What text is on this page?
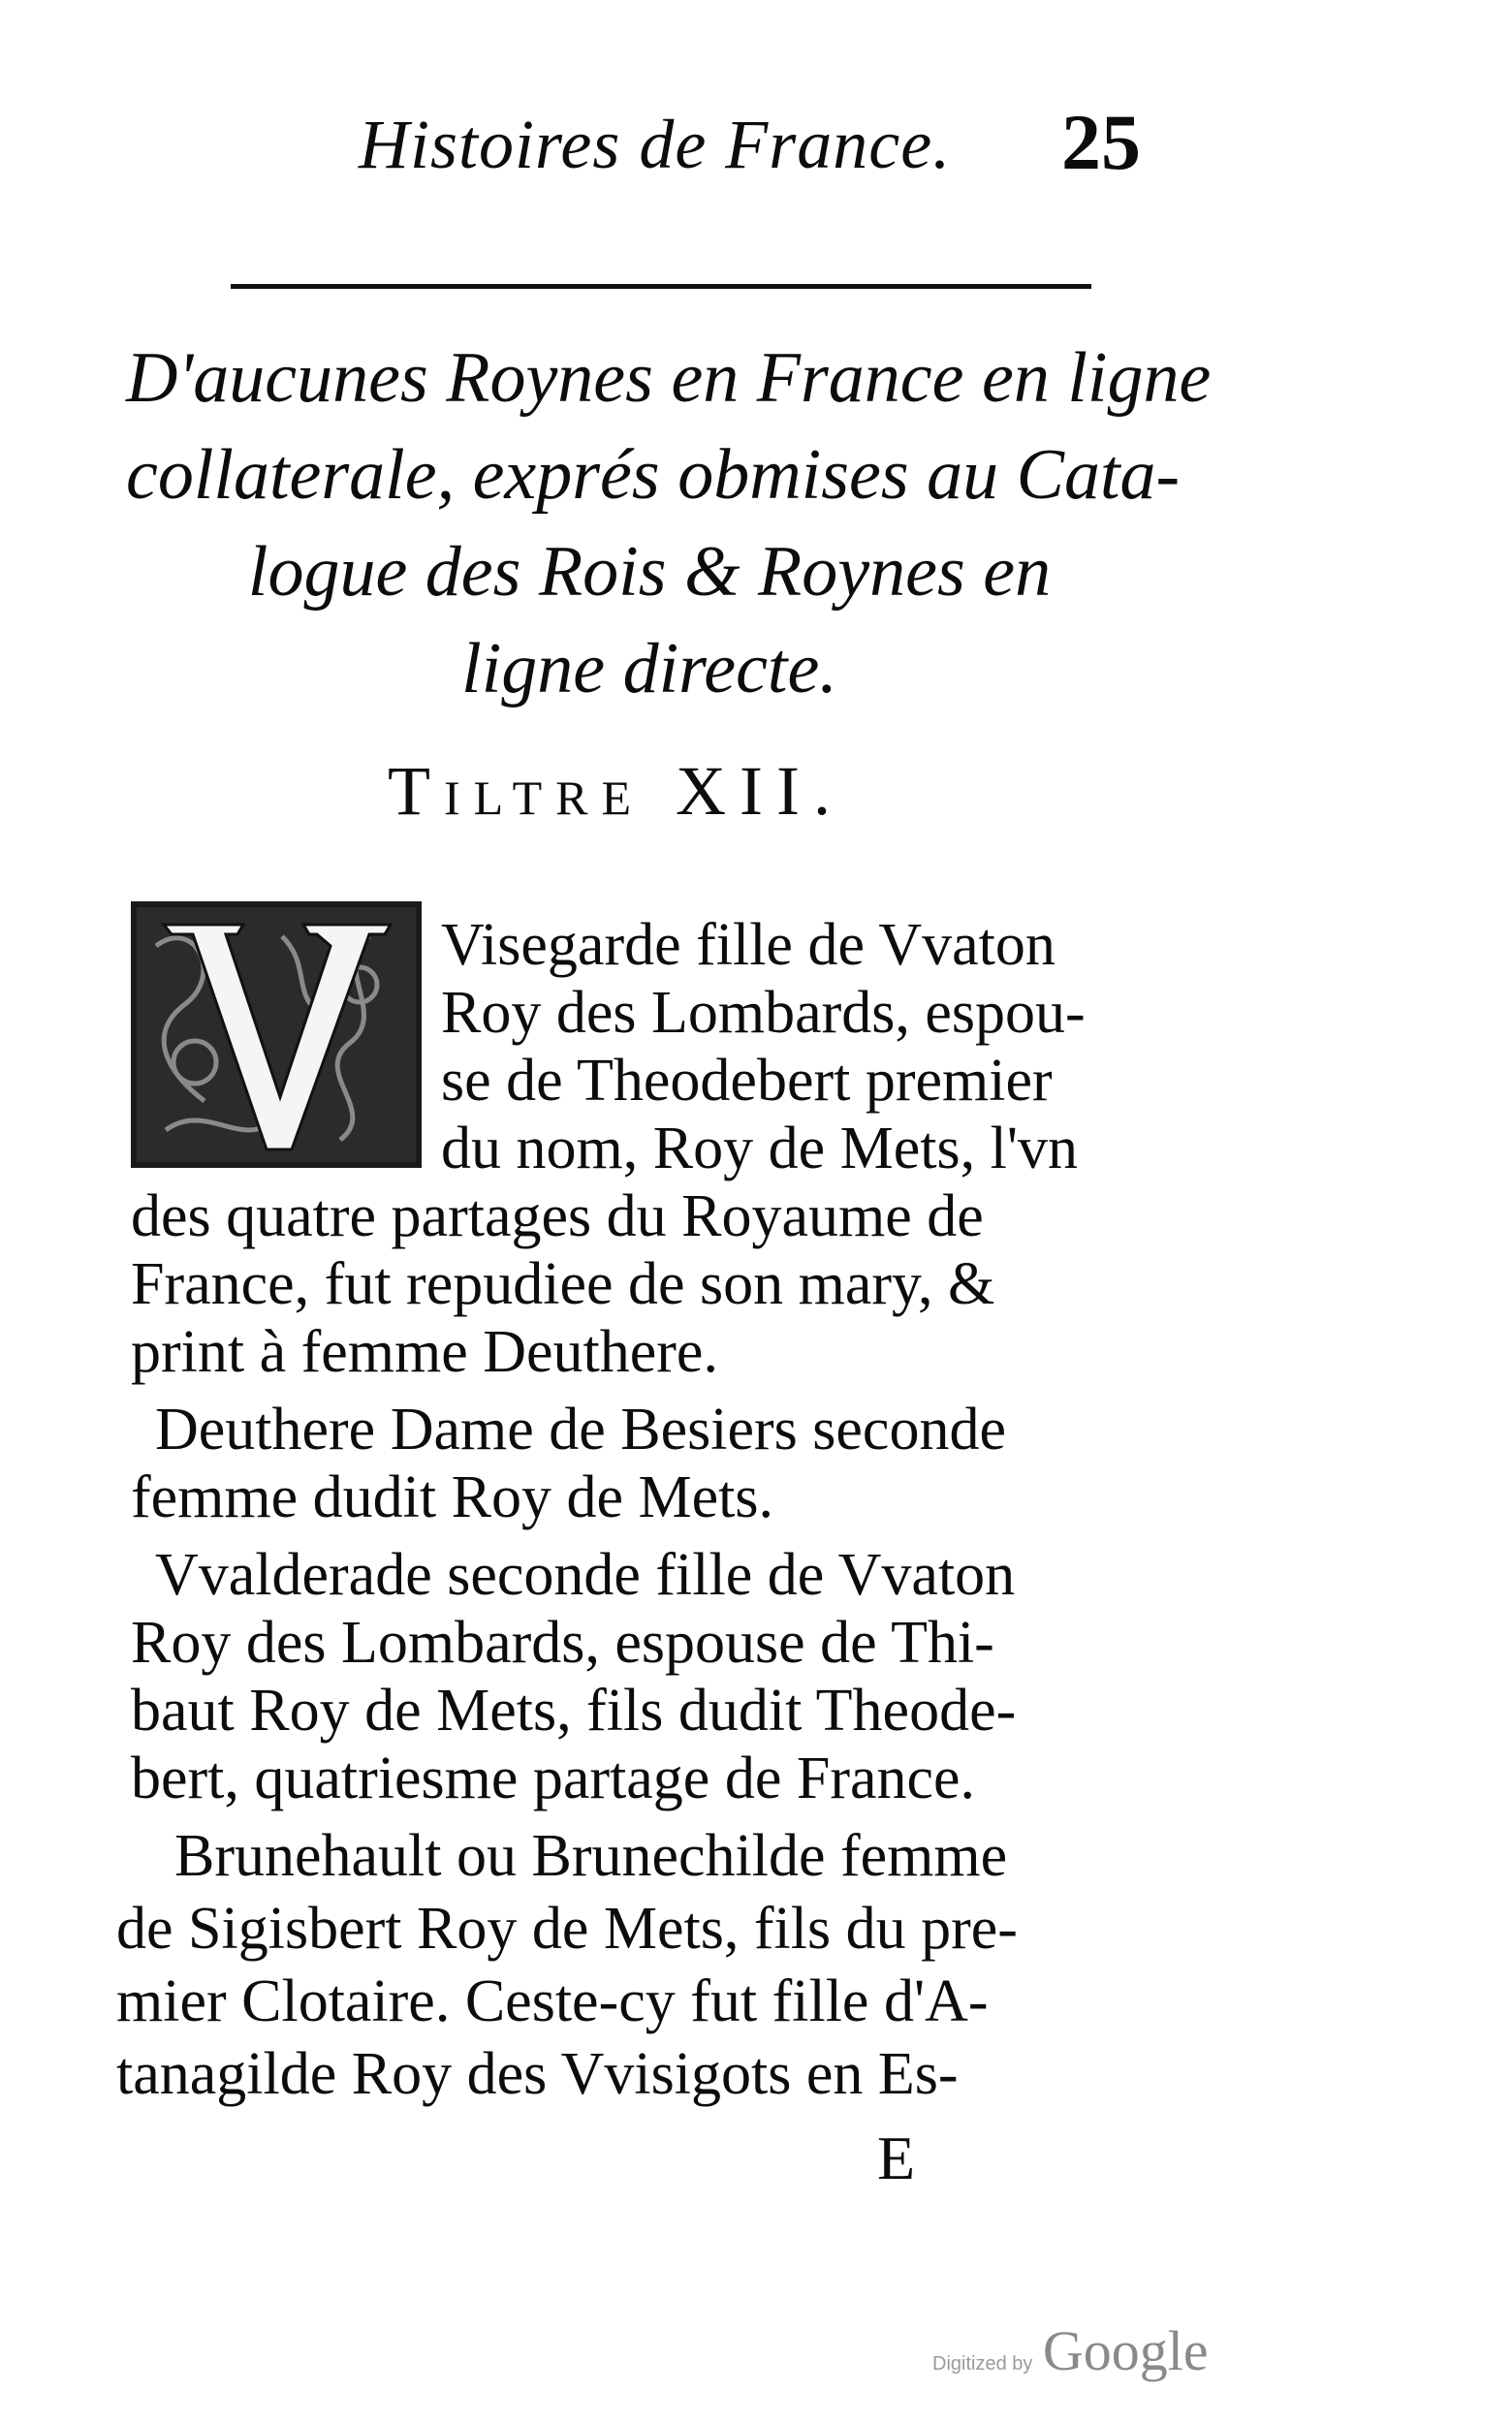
Histoires de France. 25
D'aucunes Roynes en France en ligne
collaterale, exprés obmises au Cata-
logue des Rois & Roynes en
ligne directe.
Tiltre XII.
Visegarde fille de Vvaton
Roy des Lombards, espou-
se de Theodebert premier
du nom, Roy de Mets, l'vn
des quatre partages du Royaume de
France, fut repudiee de son mary, &
print à femme Deuthere.
Deuthere Dame de Besiers seconde
femme dudit Roy de Mets.
Vvalderade seconde fille de Vvaton
Roy des Lombards, espouse de Thi-
baut Roy de Mets, fils dudit Theode-
bert, quatriesme partage de France.
Brunehault ou Brunechilde femme
de Sigisbert Roy de Mets, fils du pre-
mier Clotaire. Ceste-cy fut fille d'A-
tanagilde Roy des Vvisigots en Es-
E
Digitized by Google
